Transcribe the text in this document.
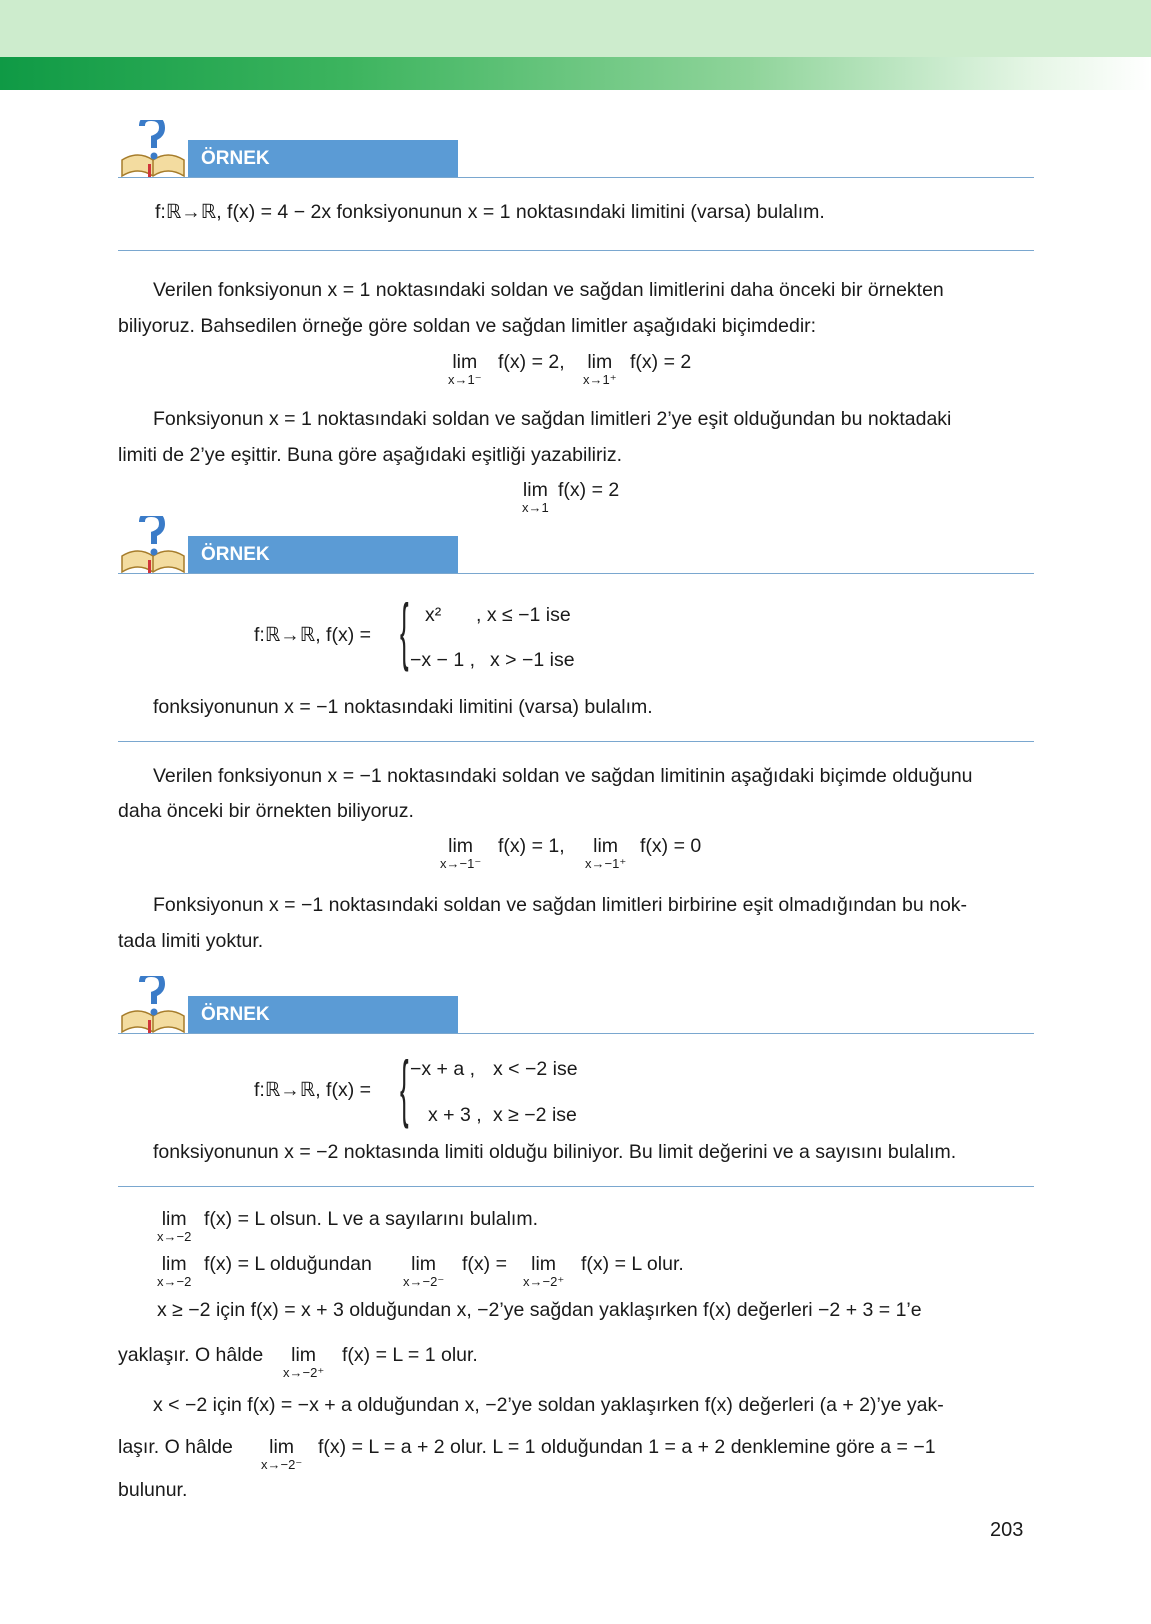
ÖRNEK
f:ℝ→ℝ, f(x) = 4 − 2x fonksiyonunun x = 1 noktasındaki limitini (varsa) bulalım.
Verilen fonksiyonun x = 1 noktasındaki soldan ve sağdan limitlerini daha önceki bir örnekten
biliyoruz. Bahsedilen örneğe göre soldan ve sağdan limitler aşağıdaki biçimdedir:
lim
x→1⁻
f(x) = 2, lim
x→1⁺
f(x) = 2
Fonksiyonun x = 1 noktasındaki soldan ve sağdan limitleri 2’ye eşit olduğundan bu noktadaki
limiti de 2’ye eşittir. Buna göre aşağıdaki eşitliği yazabiliriz.
lim
x→1
f(x) = 2
ÖRNEK
f:ℝ→ℝ, f(x) = { x² , x ≤ −1 ise
−x − 1 , x > −1 ise
fonksiyonunun x = −1 noktasındaki limitini (varsa) bulalım.
Verilen fonksiyonun x = −1 noktasındaki soldan ve sağdan limitinin aşağıdaki biçimde olduğunu
daha önceki bir örnekten biliyoruz.
lim
x→−1⁻
f(x) = 1,	lim
x→−1⁺
f(x) = 0
Fonksiyonun x = −1 noktasındaki soldan ve sağdan limitleri birbirine eşit olmadığından bu nok-
tada limiti yoktur.
ÖRNEK
f:ℝ→ℝ, f(x) = { −x + a , x < −2 ise
x + 3 , x ≥ −2 ise
fonksiyonunun x = −2 noktasında limiti olduğu biliniyor. Bu limit değerini ve a sayısını bulalım.
lim
x→−2
f(x) = L olsun. L ve a sayılarını bulalım.
lim
x→−2
f(x) = L olduğundan	lim
x→−2⁻
f(x) =	lim
x→−2⁺
f(x) = L olur.
x ≥ −2 için f(x) = x + 3 olduğundan x, −2’ye sağdan yaklaşırken f(x) değerleri −2 + 3 = 1’e
yaklaşır. O hâlde	lim
x→−2⁺
f(x) = L = 1 olur.
x < −2 için f(x) = −x + a olduğundan x, −2’ye soldan yaklaşırken f(x) değerleri (a + 2)’ye yak-
laşır. O hâlde	lim
x→−2⁻
f(x) = L = a + 2 olur. L = 1 olduğundan 1 = a + 2 denklemine göre a = −1
bulunur.
203
